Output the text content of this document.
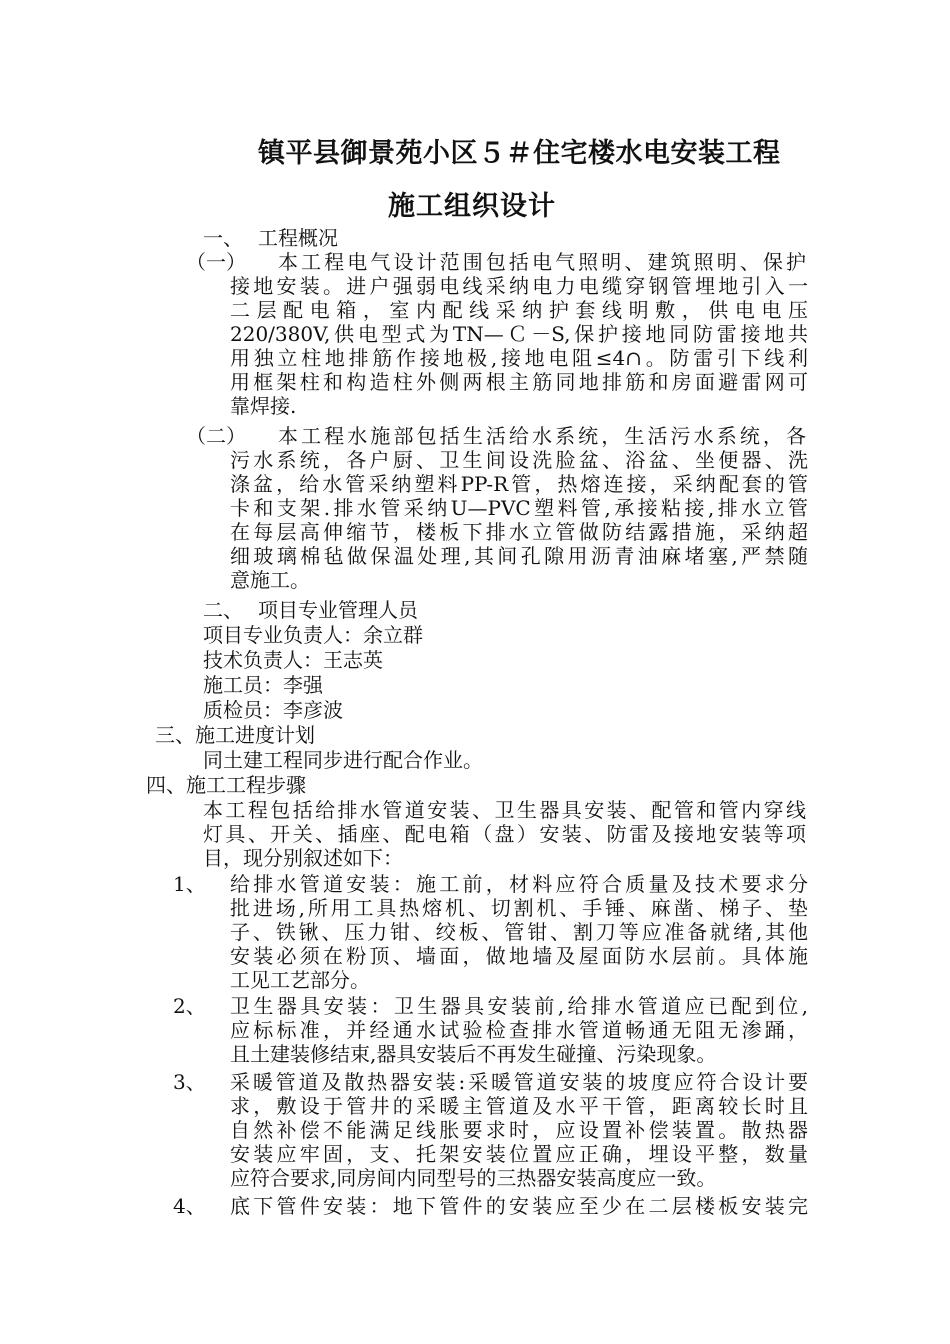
镇平县御景苑小区５＃住宅楼水电安装工程
施工组织设计
一、 工程概况
（一） 本工程电气设计范围包括电气照明、建筑照明、保护
接地安装。进户强弱电线采纳电力电缆穿钢管埋地引入一
二层配电箱，室内配线采纳护套线明敷，供电电压
220/380V,供电型式为TN—Ｃ－S,保护接地同防雷接地共
用独立柱地排筋作接地极,接地电阻≤4∩。防雷引下线利
用框架柱和构造柱外侧两根主筋同地排筋和房面避雷网可
靠焊接.
（二） 本工程水施部包括生活给水系统，生活污水系统，各
污水系统，各户厨、卫生间设洗脸盆、浴盆、坐便器、洗
涤盆，给水管采纳塑料PP-R管，热熔连接，采纳配套的管
卡和支架.排水管采纳U—PVC塑料管,承接粘接,排水立管
在每层高伸缩节，楼板下排水立管做防结露措施，采纳超
细玻璃棉毡做保温处理,其间孔隙用沥青油麻堵塞,严禁随
意施工。
二、 项目专业管理人员
项目专业负责人：余立群
技术负责人：王志英
施工员：李强
质检员：李彦波
三、施工进度计划
同土建工程同步进行配合作业。
四、施工工程步骤
本工程包括给排水管道安装、卫生器具安装、配管和管内穿线
灯具、开关、插座、配电箱（盘）安装、防雷及接地安装等项
目，现分别叙述如下：
1、 给排水管道安装：施工前，材料应符合质量及技术要求分
批进场,所用工具热熔机、切割机、手锤、麻凿、梯子、垫
子、铁锹、压力钳、绞板、管钳、割刀等应准备就绪,其他
安装必须在粉顶、墙面，做地墙及屋面防水层前。具体施
工见工艺部分。
2、 卫生器具安装：卫生器具安装前,给排水管道应已配到位,
应标标准，并经通水试验检查排水管道畅通无阻无渗踊，
且土建装修结束,器具安装后不再发生碰撞、污染现象。
3、 采暖管道及散热器安装:采暖管道安装的坡度应符合设计要
求，敷设于管井的采暖主管道及水平干管，距离较长时且
自然补偿不能满足线胀要求时，应设置补偿装置。散热器
安装应牢固，支、托架安装位置应正确，埋设平整，数量
应符合要求,同房间内同型号的三热器安装高度应一致。
4、 底下管件安装：地下管件的安装应至少在二层楼板安装完
